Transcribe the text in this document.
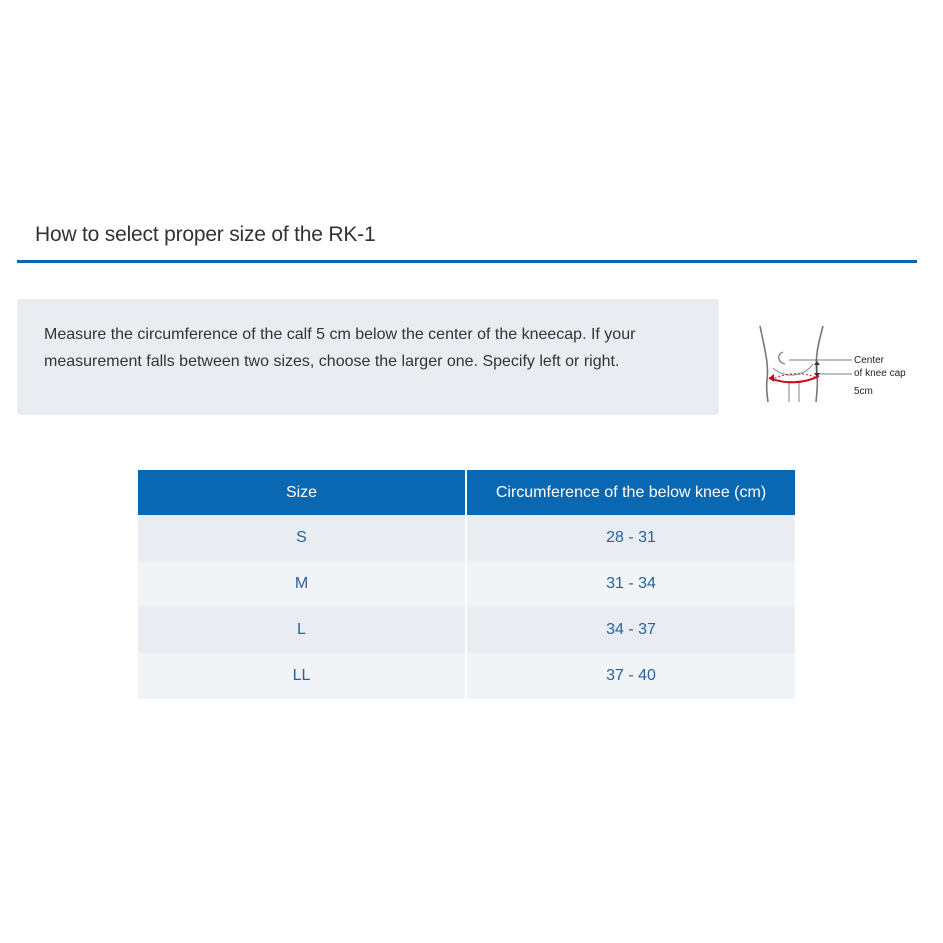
How to select proper size of the RK-1
Measure the circumference of the calf 5 cm below the center of the kneecap. If your measurement falls between two sizes, choose the larger one. Specify left or right.	Center
of knee cap
5cm
Size	Circumference of the below knee (cm)
S	28 - 31
M	31 - 34
L	34 - 37
LL	37 - 40
